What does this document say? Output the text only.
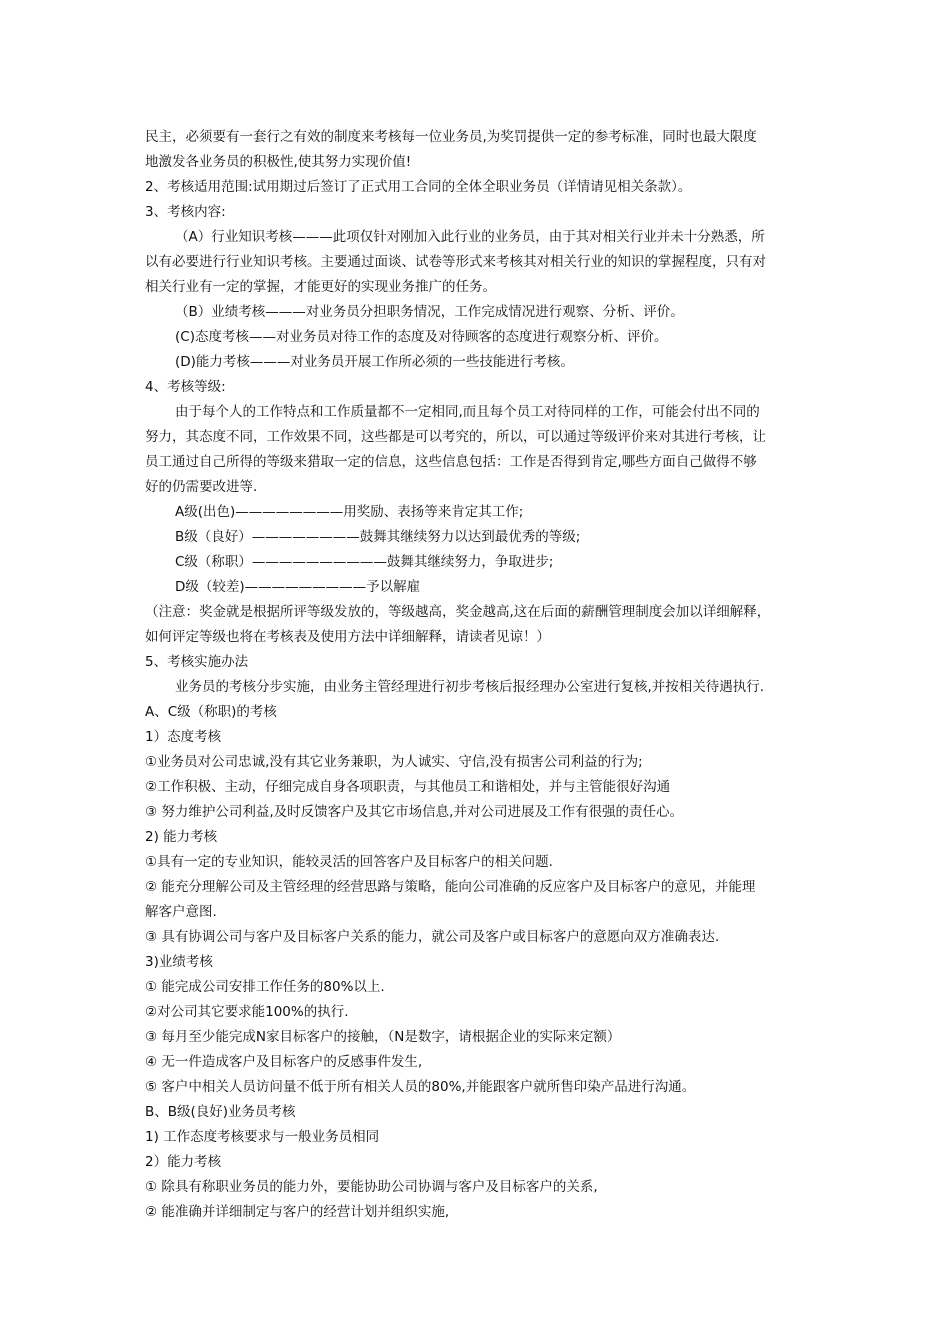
民主，必须要有一套行之有效的制度来考核每一位业务员,为奖罚提供一定的参考标准，同时也最大限度
地激发各业务员的积极性,使其努力实现价值!
2、考核适用范围:试用期过后签订了正式用工合同的全体全职业务员（详情请见相关条款）。
3、考核内容:
（A）行业知识考核———此项仅针对刚加入此行业的业务员，由于其对相关行业并未十分熟悉，所
以有必要进行行业知识考核。主要通过面谈、试卷等形式来考核其对相关行业的知识的掌握程度，只有对
相关行业有一定的掌握，才能更好的实现业务推广的任务。
（B）业绩考核———对业务员分担职务情况，工作完成情况进行观察、分析、评价。
(C)态度考核——对业务员对待工作的态度及对待顾客的态度进行观察分析、评价。
(D)能力考核———对业务员开展工作所必须的一些技能进行考核。
4、考核等级:
由于每个人的工作特点和工作质量都不一定相同,而且每个员工对待同样的工作，可能会付出不同的
努力，其态度不同，工作效果不同，这些都是可以考究的，所以，可以通过等级评价来对其进行考核，让
员工通过自己所得的等级来猎取一定的信息，这些信息包括：工作是否得到肯定,哪些方面自己做得不够
好的仍需要改进等.
A级(出色)————————用奖励、表扬等来肯定其工作;
B级（良好）————————鼓舞其继续努力以达到最优秀的等级;
C级（称职）——————————鼓舞其继续努力，争取进步;
D级（较差)—————————予以解雇
（注意：奖金就是根据所评等级发放的，等级越高，奖金越高,这在后面的薪酬管理制度会加以详细解释，
如何评定等级也将在考核表及使用方法中详细解释，请读者见谅！）
5、考核实施办法
业务员的考核分步实施，由业务主管经理进行初步考核后报经理办公室进行复核,并按相关待遇执行.
A、C级（称职)的考核
1）态度考核
①业务员对公司忠诚,没有其它业务兼职，为人诚实、守信,没有损害公司利益的行为;
②工作积极、主动，仔细完成自身各项职责，与其他员工和谐相处，并与主管能很好沟通
③ 努力维护公司利益,及时反馈客户及其它市场信息,并对公司进展及工作有很强的责任心。
2) 能力考核
①具有一定的专业知识，能较灵活的回答客户及目标客户的相关问题.
② 能充分理解公司及主管经理的经营思路与策略，能向公司准确的反应客户及目标客户的意见，并能理
解客户意图.
③ 具有协调公司与客户及目标客户关系的能力，就公司及客户或目标客户的意愿向双方准确表达.
3)业绩考核
① 能完成公司安排工作任务的80%以上.
②对公司其它要求能100%的执行.
③ 每月至少能完成N家目标客户的接触，（N是数字，请根据企业的实际来定额）
④ 无一件造成客户及目标客户的反感事件发生,
⑤ 客户中相关人员访问量不低于所有相关人员的80%,并能跟客户就所售印染产品进行沟通。
B、B级(良好)业务员考核
1) 工作态度考核要求与一般业务员相同
2）能力考核
① 除具有称职业务员的能力外，要能协助公司协调与客户及目标客户的关系,
② 能准确并详细制定与客户的经营计划并组织实施,
